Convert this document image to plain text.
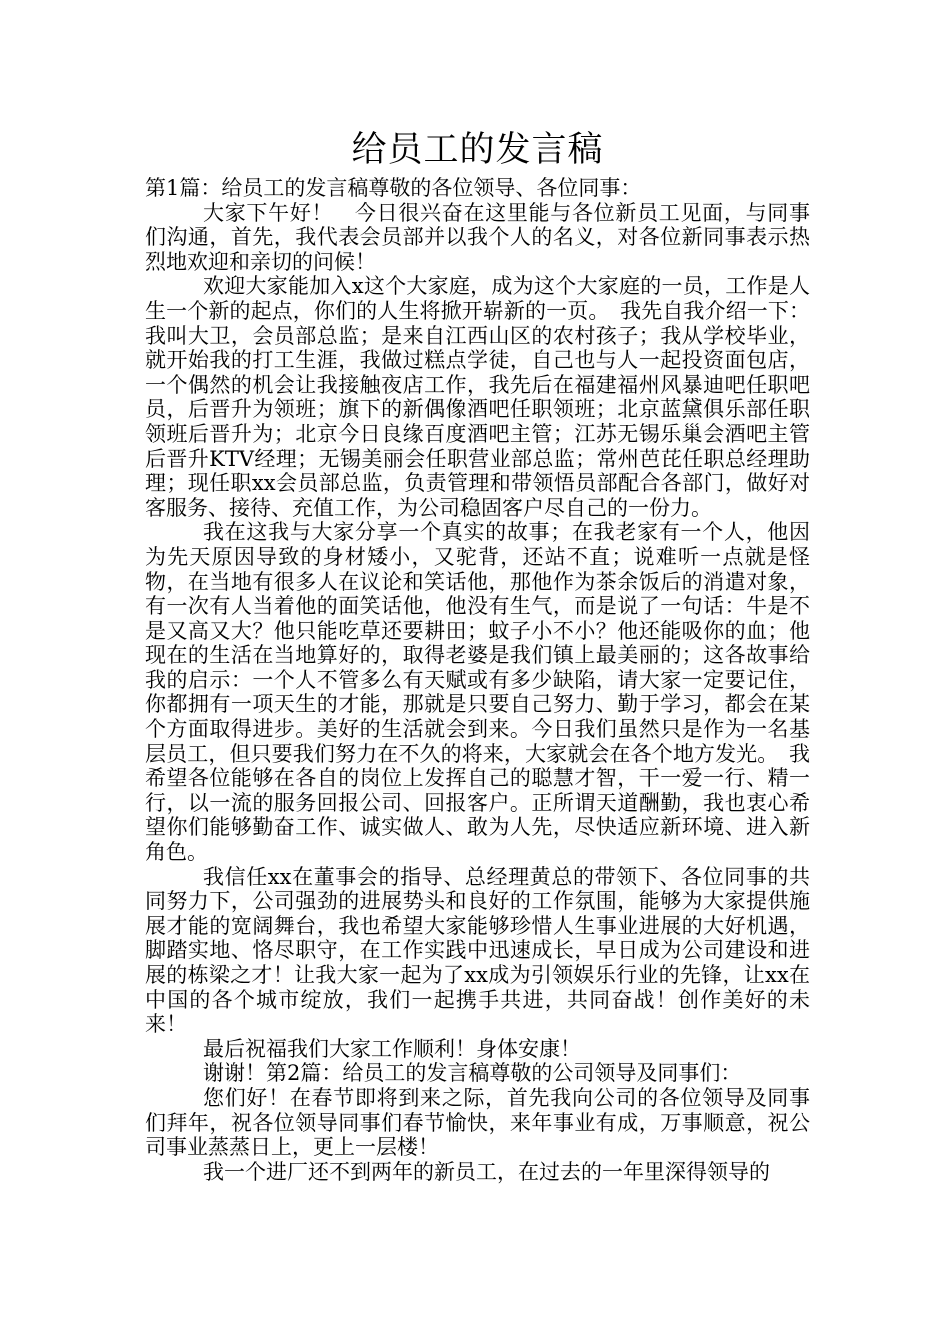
给员工的发言稿

第1篇：给员工的发言稿尊敬的各位领导、各位同事：

大家下午好！　今日很兴奋在这里能与各位新员工见面，与同事们沟通，首先，我代表会员部并以我个人的名义，对各位新同事表示热烈地欢迎和亲切的问候！

欢迎大家能加入x这个大家庭，成为这个大家庭的一员，工作是人生一个新的起点，你们的人生将掀开崭新的一页。　我先自我介绍一下：我叫大卫，会员部总监；是来自江西山区的农村孩子；我从学校毕业，就开始我的打工生涯，我做过糕点学徒，自己也与人一起投资面包店，一个偶然的机会让我接触夜店工作，我先后在福建福州风暴迪吧任职吧员，后晋升为领班；旗下的新偶像酒吧任职领班；北京蓝黛俱乐部任职领班后晋升为；北京今日良缘百度酒吧主管；江苏无锡乐巢会酒吧主管后晋升KTV经理；无锡美丽会任职营业部总监；常州芭芘任职总经理助理；现任职xx会员部总监，负责管理和带领悟员部配合各部门，做好对客服务、接待、充值工作，为公司稳固客户尽自己的一份力。

我在这我与大家分享一个真实的故事；在我老家有一个人，他因为先天原因导致的身材矮小，又驼背，还站不直；说难听一点就是怪物，在当地有很多人在议论和笑话他，那他作为茶余饭后的消遣对象，有一次有人当着他的面笑话他，他没有生气，而是说了一句话：牛是不是又高又大？他只能吃草还要耕田；蚊子小不小？他还能吸你的血；他现在的生活在当地算好的，取得老婆是我们镇上最美丽的；这各故事给我的启示：一个人不管多么有天赋或有多少缺陷，请大家一定要记住，你都拥有一项天生的才能，那就是只要自己努力、勤于学习，都会在某个方面取得进步。美好的生活就会到来。今日我们虽然只是作为一名基层员工，但只要我们努力在不久的将来，大家就会在各个地方发光。　我希望各位能够在各自的岗位上发挥自己的聪慧才智，干一爱一行、精一行，以一流的服务回报公司、回报客户。正所谓天道酬勤，我也衷心希望你们能够勤奋工作、诚实做人、敢为人先，尽快适应新环境、进入新角色。

我信任xx在董事会的指导、总经理黄总的带领下、各位同事的共同努力下，公司强劲的进展势头和良好的工作氛围，能够为大家提供施展才能的宽阔舞台，我也希望大家能够珍惜人生事业进展的大好机遇，脚踏实地、恪尽职守，在工作实践中迅速成长，早日成为公司建设和进展的栋梁之才！让我大家一起为了xx成为引领娱乐行业的先锋，让xx在中国的各个城市绽放，我们一起携手共进，共同奋战！创作美好的未来！

最后祝福我们大家工作顺利！身体安康！

谢谢！第2篇：给员工的发言稿尊敬的公司领导及同事们：

您们好！在春节即将到来之际，首先我向公司的各位领导及同事们拜年，祝各位领导同事们春节愉快，来年事业有成，万事顺意，祝公司事业蒸蒸日上，更上一层楼！

我一个进厂还不到两年的新员工，在过去的一年里深得领导的
